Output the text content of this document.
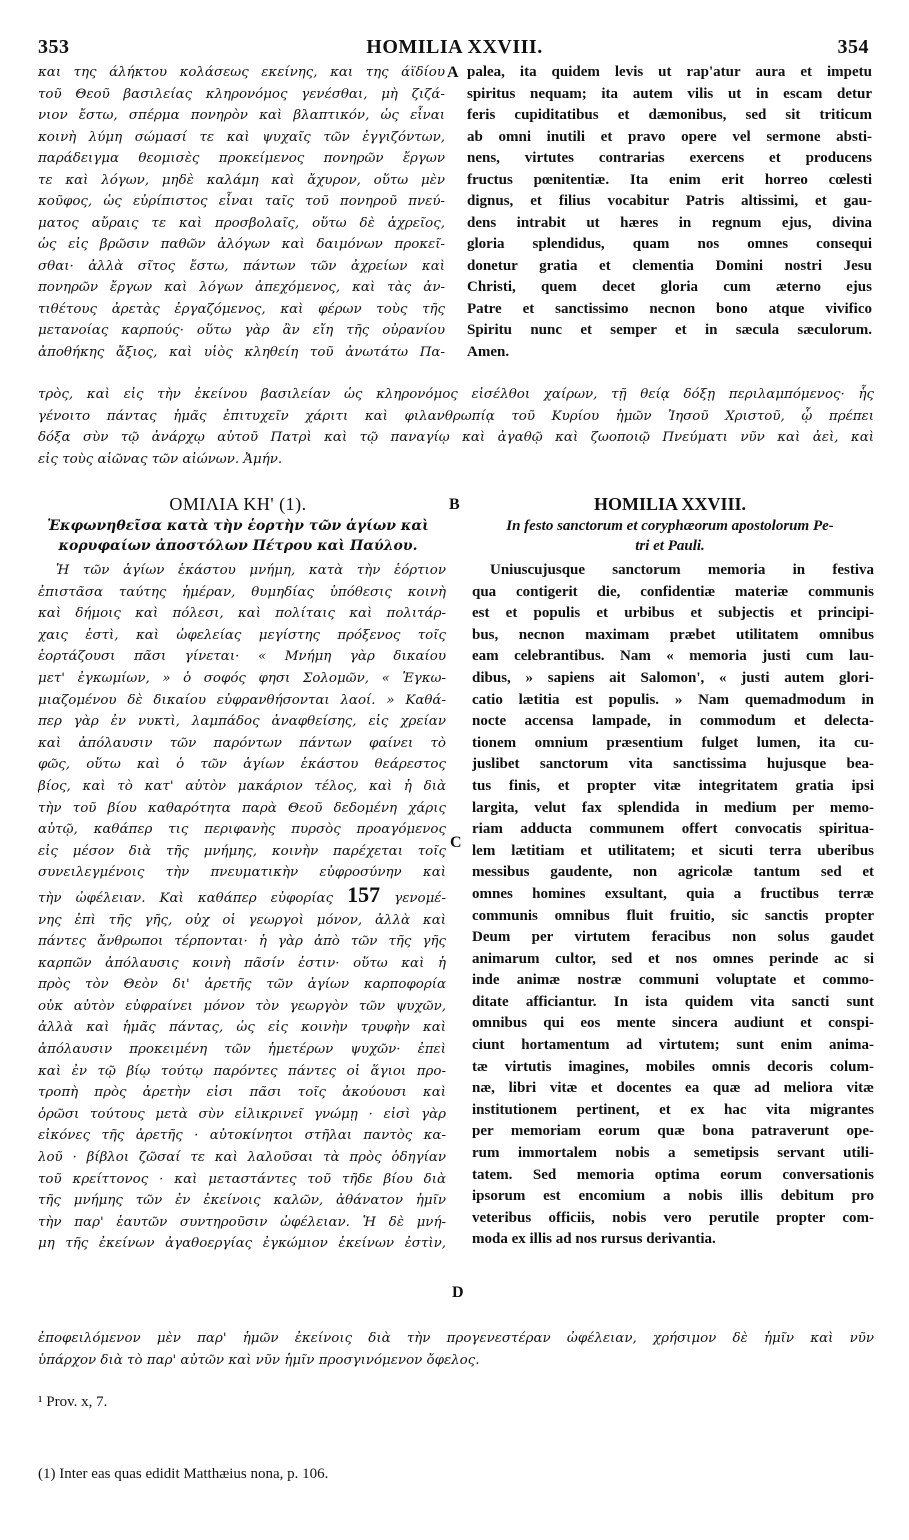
353	HOMILIA XXVIII.	354
και της άλήκτου κολάσεως εκείνης, και της άϊδίου
τοῦ Θεοῦ βασιλείας κληρονόμος γενέσθαι, μὴ ζιζά-
νιον ἔστω, σπέρμα πονηρὸν καὶ βλαπτικόν, ὡς εἶναι
κοινὴ λύμη σώμασί τε καὶ ψυχαῖς τῶν ἐγγιζόντων,
παράδειγμα θεομισὲς προκείμενος πονηρῶν ἔργων
τε καὶ λόγων, μηδὲ καλάμη καὶ ἄχυρον, οὕτω μὲν
κοῦφος, ὡς εὐρίπιστος εἶναι ταῖς τοῦ πονηροῦ πνεύ-
ματος αὔραις τε καὶ προσβολαῖς, οὕτω δὲ ἀχρεῖος,
ὡς εἰς βρῶσιν παθῶν ἀλόγων καὶ δαιμόνων προκεῖ-
σθαι· ἀλλὰ σῖτος ἔστω, πάντων τῶν ἀχρείων καὶ
πονηρῶν ἔργων καὶ λόγων ἀπεχόμενος, καὶ τὰς ἀν-
τιθέτους ἀρετὰς ἐργαζόμενος, καὶ φέρων τοὺς τῆς
μετανοίας καρπούς· οὕτω γὰρ ἂν εἴη τῆς οὐρανίου
ἀποθήκης ἄξιος, καὶ υἱὸς κληθείη τοῦ ἀνωτάτω Πα-
A palea, ita quidem levis ut rap'atur aura et impetu
spiritus nequam; ita autem vilis ut in escam detur
feris cupiditatibus et dæmonibus, sed sit triticum
ab omni inutili et pravo opere vel sermone absti-
nens, virtutes contrarias exercens et producens
fructus pœnitentiæ. Ita enim erit horreo cœlesti
dignus, et filius vocabitur Patris altissimi, et gau-
dens intrabit ut hæres in regnum ejus, divina
gloria splendidus, quam nos omnes consequi
donetur gratia et clementia Domini nostri Jesu
Christi, quem decet gloria cum æterno ejus
Patre et sanctissimo necnon bono atque vivifico
Spiritu nunc et semper et in sæcula sæculorum.
Amen.
τρὸς, καὶ εἰς τὴν ἐκείνου βασιλείαν ὡς κληρονόμος εἰσέλθοι χαίρων, τῇ θείᾳ δόξῃ περιλαμπόμενος· ἧς
γένοιτο πάντας ἡμᾶς ἐπιτυχεῖν χάριτι καὶ φιλανθρωπίᾳ τοῦ Κυρίου ἡμῶν Ἰησοῦ Χριστοῦ, ᾧ πρέπει
δόξα σὺν τῷ ἀνάρχῳ αὐτοῦ Πατρὶ καὶ τῷ παναγίῳ καὶ ἀγαθῷ καὶ ζωοποιῷ Πνεύματι νῦν καὶ ἀεὶ, καὶ
εἰς τοὺς αἰῶνας τῶν αἰώνων. Ἀμήν.
ΟΜΙΛΙΑ ΚΗ' (1).	B	HOMILIA XXVIII.
Ἐκφωνηθεῖσα κατὰ τὴν ἑορτὴν τῶν ἁγίων καὶ
κορυφαίων ἀποστόλων Πέτρου καὶ Παύλου.
In festo sanctorum et coryphæorum apostolorum Pe-
tri et Pauli.
Ἡ τῶν ἁγίων ἑκάστου μνήμη, κατὰ τὴν ἑόρτιον
ἐπιστᾶσα ταύτης ἡμέραν, θυμηδίας ὑπόθεσις κοινὴ
καὶ δήμοις καὶ πόλεσι, καὶ πολίταις καὶ πολιτάρ-
χαις ἐστὶ, καὶ ὠφελείας μεγίστης πρόξενος τοῖς
ἑορτάζουσι πᾶσι γίνεται· « Μνήμη γὰρ δικαίου
μετ' ἐγκωμίων, » ὁ σοφός φησι Σολομῶν, « Ἐγκω-
μιαζομένου δὲ δικαίου εὐφρανθήσονται λαοί. » Καθά-
περ γὰρ ἐν νυκτὶ, λαμπάδος ἀναφθείσης, εἰς χρείαν
καὶ ἀπόλαυσιν τῶν παρόντων πάντων φαίνει τὸ
φῶς, οὕτω καὶ ὁ τῶν ἁγίων ἑκάστου θεάρεστος
βίος, καὶ τὸ κατ' αὐτὸν μακάριον τέλος, καὶ ἡ διὰ
τὴν τοῦ βίου καθαρότητα παρὰ Θεοῦ δεδομένη χάρις
αὐτῷ, καθάπερ τις περιφανὴς πυρσὸς προαγόμενος
εἰς μέσον διὰ τῆς μνήμης, κοινὴν παρέχεται τοῖς
συνειλεγμένοις τὴν πνευματικὴν εὐφροσύνην καὶ
τὴν ὠφέλειαν. Καὶ καθάπερ εὐφορίας 157 γενομέ-
νης ἐπὶ τῆς γῆς, οὐχ οἱ γεωργοὶ μόνον, ἀλλὰ καὶ
πάντες ἄνθρωποι τέρπονται· ἡ γὰρ ἀπὸ τῶν τῆς γῆς
καρπῶν ἀπόλαυσις κοινὴ πᾶσίν ἐστιν· οὕτω καὶ ἡ
πρὸς τὸν Θεὸν δι' ἀρετῆς τῶν ἁγίων καρποφορία
οὐκ αὐτὸν εὐφραίνει μόνον τὸν γεωργὸν τῶν ψυχῶν,
ἀλλὰ καὶ ἡμᾶς πάντας, ὡς εἰς κοινὴν τρυφὴν καὶ
ἀπόλαυσιν προκειμένη τῶν ἡμετέρων ψυχῶν· ἐπεὶ
καὶ ἐν τῷ βίῳ τούτῳ παρόντες πάντες οἱ ἅγιοι προ-
τροπὴ πρὸς ἀρετὴν εἰσι πᾶσι τοῖς ἀκούουσι καὶ
ὁρῶσι τούτους μετὰ σὺν εἰλικρινεῖ γνώμῃ · εἰσὶ γὰρ
εἰκόνες τῆς ἀρετῆς · αὐτοκίνητοι στῆλαι παντὸς κα-
λοῦ · βίβλοι ζῶσαί τε καὶ λαλοῦσαι τὰ πρὸς ὁδηγίαν
τοῦ κρείττονος · καὶ μεταστάντες τοῦ τῆδε βίου διὰ
τῆς μνήμης τῶν ἐν ἐκείνοις καλῶν, ἀθάνατον ἡμῖν
τὴν παρ' ἑαυτῶν συντηροῦσιν ὠφέλειαν. Ἡ δὲ μνή-
μη τῆς ἐκείνων ἀγαθοεργίας ἐγκώμιον ἐκείνων ἐστὶν,
C
D
Uniuscujusque sanctorum memoria in festiva
qua contigerit die, confidentiæ materiæ communis
est et populis et urbibus et subjectis et principi-
bus, necnon maximam præbet utilitatem omnibus
eam celebrantibus. Nam « memoria justi cum lau-
dibus, » sapiens ait Salomon', « justi autem glori-
catio lætitia est populis. » Nam quemadmodum in
nocte accensa lampade, in commodum et delecta-
tionem omnium præsentium fulget lumen, ita cu-
juslibet sanctorum vita sanctissima hujusque bea-
tus finis, et propter vitæ integritatem gratia ipsi
largita, velut fax splendida in medium per memo-
riam adducta communem offert convocatis spiritua-
lem lætitiam et utilitatem; et sicuti terra uberibus
messibus gaudente, non agricolæ tantum sed et
omnes homines exsultant, quia a fructibus terræ
communis omnibus fluit fruitio, sic sanctis propter
Deum per virtutem feracibus non solus gaudet
animarum cultor, sed et nos omnes perinde ac si
inde animæ nostræ communi voluptate et commo-
ditate afficiantur. In ista quidem vita sancti sunt
omnibus qui eos mente sincera audiunt et conspi-
ciunt hortamentum ad virtutem; sunt enim anima-
tæ virtutis imagines, mobiles omnis decoris colum-
næ, libri vitæ et docentes ea quæ ad meliora vitæ
institutionem pertinent, et ex hac vita migrantes
per memoriam eorum quæ bona patraverunt ope-
rum immortalem nobis a semetipsis servant utili-
tatem. Sed memoria optima eorum conversationis
ipsorum est encomium a nobis illis debitum pro
veteribus officiis, nobis vero perutile propter com-
moda ex illis ad nos rursus derivantia.
ἐποφειλόμενον μὲν παρ' ἡμῶν ἐκείνοις διὰ τὴν προγενεστέραν ὠφέλειαν, χρήσιμον δὲ ἡμῖν καὶ νῦν
ὑπάρχον διὰ τὸ παρ' αὐτῶν καὶ νῦν ἡμῖν προσγινόμενον ὄφελος.
¹ Prov. x, 7.
(1) Inter eas quas edidit Matthæius nona, p. 106.
